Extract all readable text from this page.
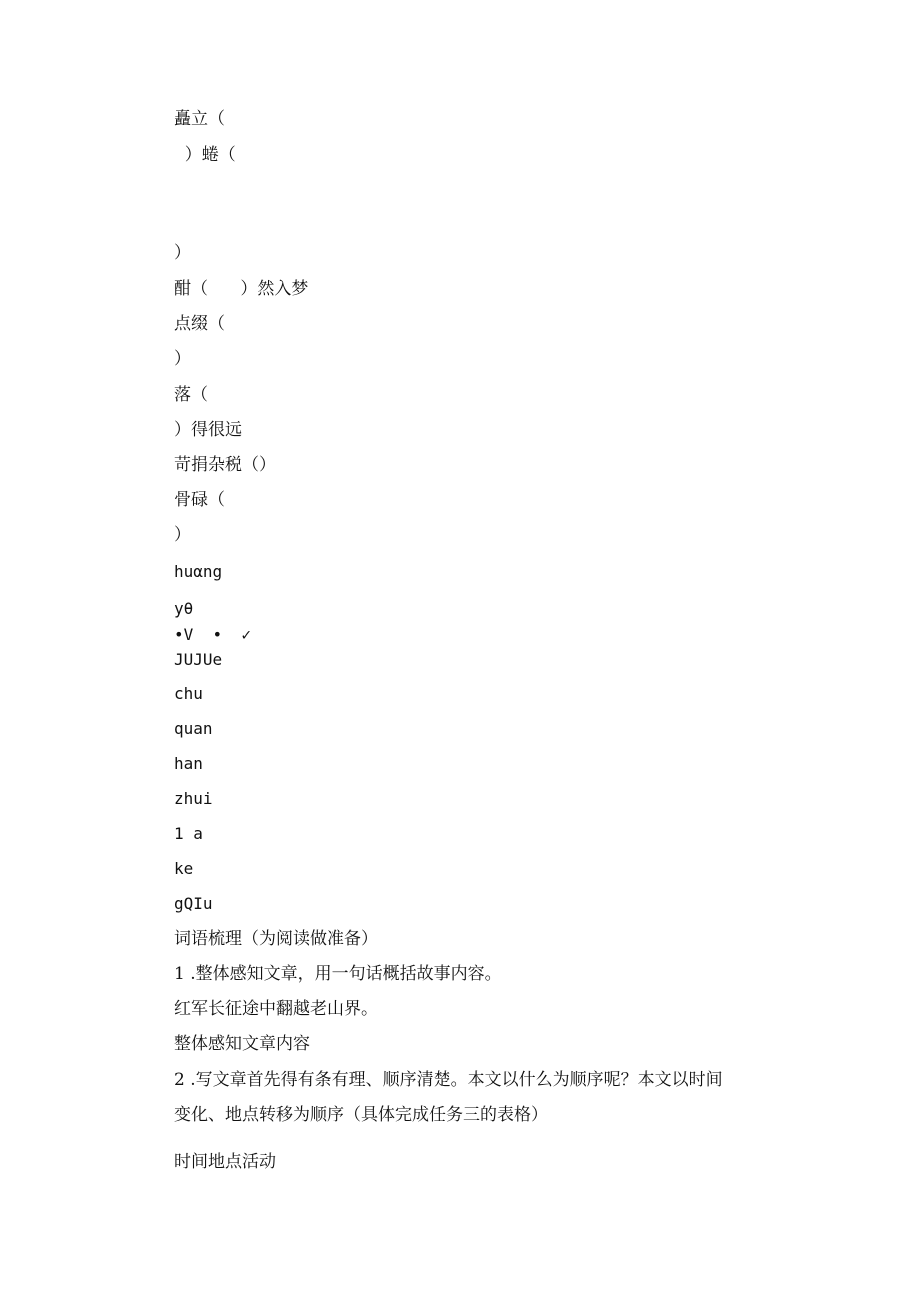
矗立（
）蜷（
）
酣（      ）然入梦
点缀（
）
落（
）得很远
苛捐杂税（）
骨碌（
）
huαng
yθ
•V  •  ✓
JUJUe
chu
quan
han
zhui
1 a
ke
gQIu
词语梳理（为阅读做准备）
1 .整体感知文章，用一句话概括故事内容。
红军长征途中翻越老山界。
整体感知文章内容
2 .写文章首先得有条有理、顺序清楚。本文以什么为顺序呢？本文以时间
变化、地点转移为顺序（具体完成任务三的表格）
时间地点活动
